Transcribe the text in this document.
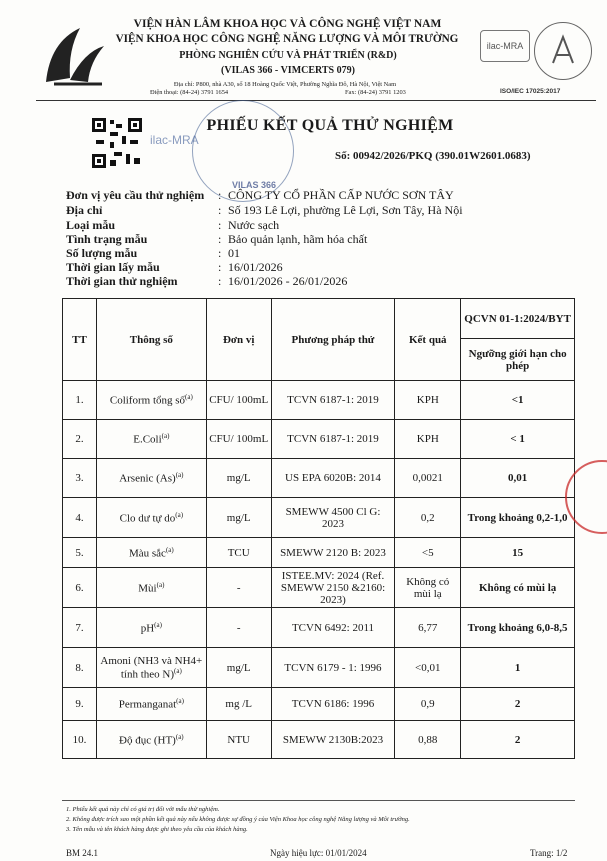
VIỆN HÀN LÂM KHOA HỌC VÀ CÔNG NGHỆ VIỆT NAM
VIỆN KHOA HỌC CÔNG NGHỆ NĂNG LƯỢNG VÀ MÔI TRƯỜNG
PHÒNG NGHIÊN CỨU VÀ PHÁT TRIỂN (R&D)
(VILAS 366 - VIMCERTS 079)
Địa chỉ: P800, nhà A30, số 18 Hoàng Quốc Việt, Phường Nghĩa Đô, Hà Nội, Việt Nam
Điện thoại: (84-24) 3791 1654	Fax: (84-24) 3791 1203
ilac-MRA
ISO/IEC 17025:2017
ilac-MRA
VILAS 366
PHIẾU KẾT QUẢ THỬ NGHIỆM
Số: 00942/2026/PKQ (390.01W2601.0683)
Đơn vị yêu cầu thử nghiệm	: CÔNG TY CỔ PHẦN CẤP NƯỚC SƠN TÂY
Địa chỉ	: Số 193 Lê Lợi, phường Lê Lợi, Sơn Tây, Hà Nội
Loại mẫu	: Nước sạch
Tình trạng mẫu	: Bảo quản lạnh, hãm hóa chất
Số lượng mẫu	: 01
Thời gian lấy mẫu	: 16/01/2026
Thời gian thử nghiệm	: 16/01/2026 - 26/01/2026
TT	Thông số	Đơn vị	Phương pháp thử	Kết quả	QCVN 01-1:2024/BYT
					Ngưỡng giới hạn cho phép
1.	Coliform tổng số$^{(a)}$	CFU/ 100mL	TCVN 6187-1: 2019	KPH	<1
2.	E.Coli$^{(a)}$	CFU/ 100mL	TCVN 6187-1: 2019	KPH	< 1
3.	Arsenic $(As)^{(a)}$	mg/L	US EPA 6020B: 2014	0,0021	0,01
4.	Clo dư tự $do^{(a)}$	mg/L	SMEWW 4500 Cl G: 2023	0,2	Trong khoảng 0,2-1,0
5.	Màu sắc$^{(a)}$	TCU	SMEWW 2120 B: 2023	<5	15
6.	Mùi$^{(a)}$	-	ISTEE.MV: 2024 (Ref. SMEWW 2150 &2160: 2023)	Không có mùi lạ	Không có mùi lạ
7.	$pH^{(a)}$	-	TCVN 6492: 2011	6,77	Trong khoảng 6,0-8,5
8.	Amoni (NH3 và NH4+ tính theo N)$^{(a)}$	mg/L	TCVN 6179 - 1: 1996	<0,01	1
9.	Permanganat$^{(a)}$	mg /L	TCVN 6186: 1996	0,9	2
10.	Độ đục (HT)$^{(a)}$	NTU	SMEWW 2130B:2023	0,88	2
1. Phiếu kết quả này chỉ có giá trị đối với mẫu thử nghiệm.
2. Không được trích sao một phần kết quả này nếu không được sự đồng ý của Viện Khoa học công nghệ Năng lượng và Môi trường.
3. Tên mẫu và tên khách hàng được ghi theo yêu cầu của khách hàng.
BM 24.1	Ngày hiệu lực: 01/01/2024	Trang: 1/2
